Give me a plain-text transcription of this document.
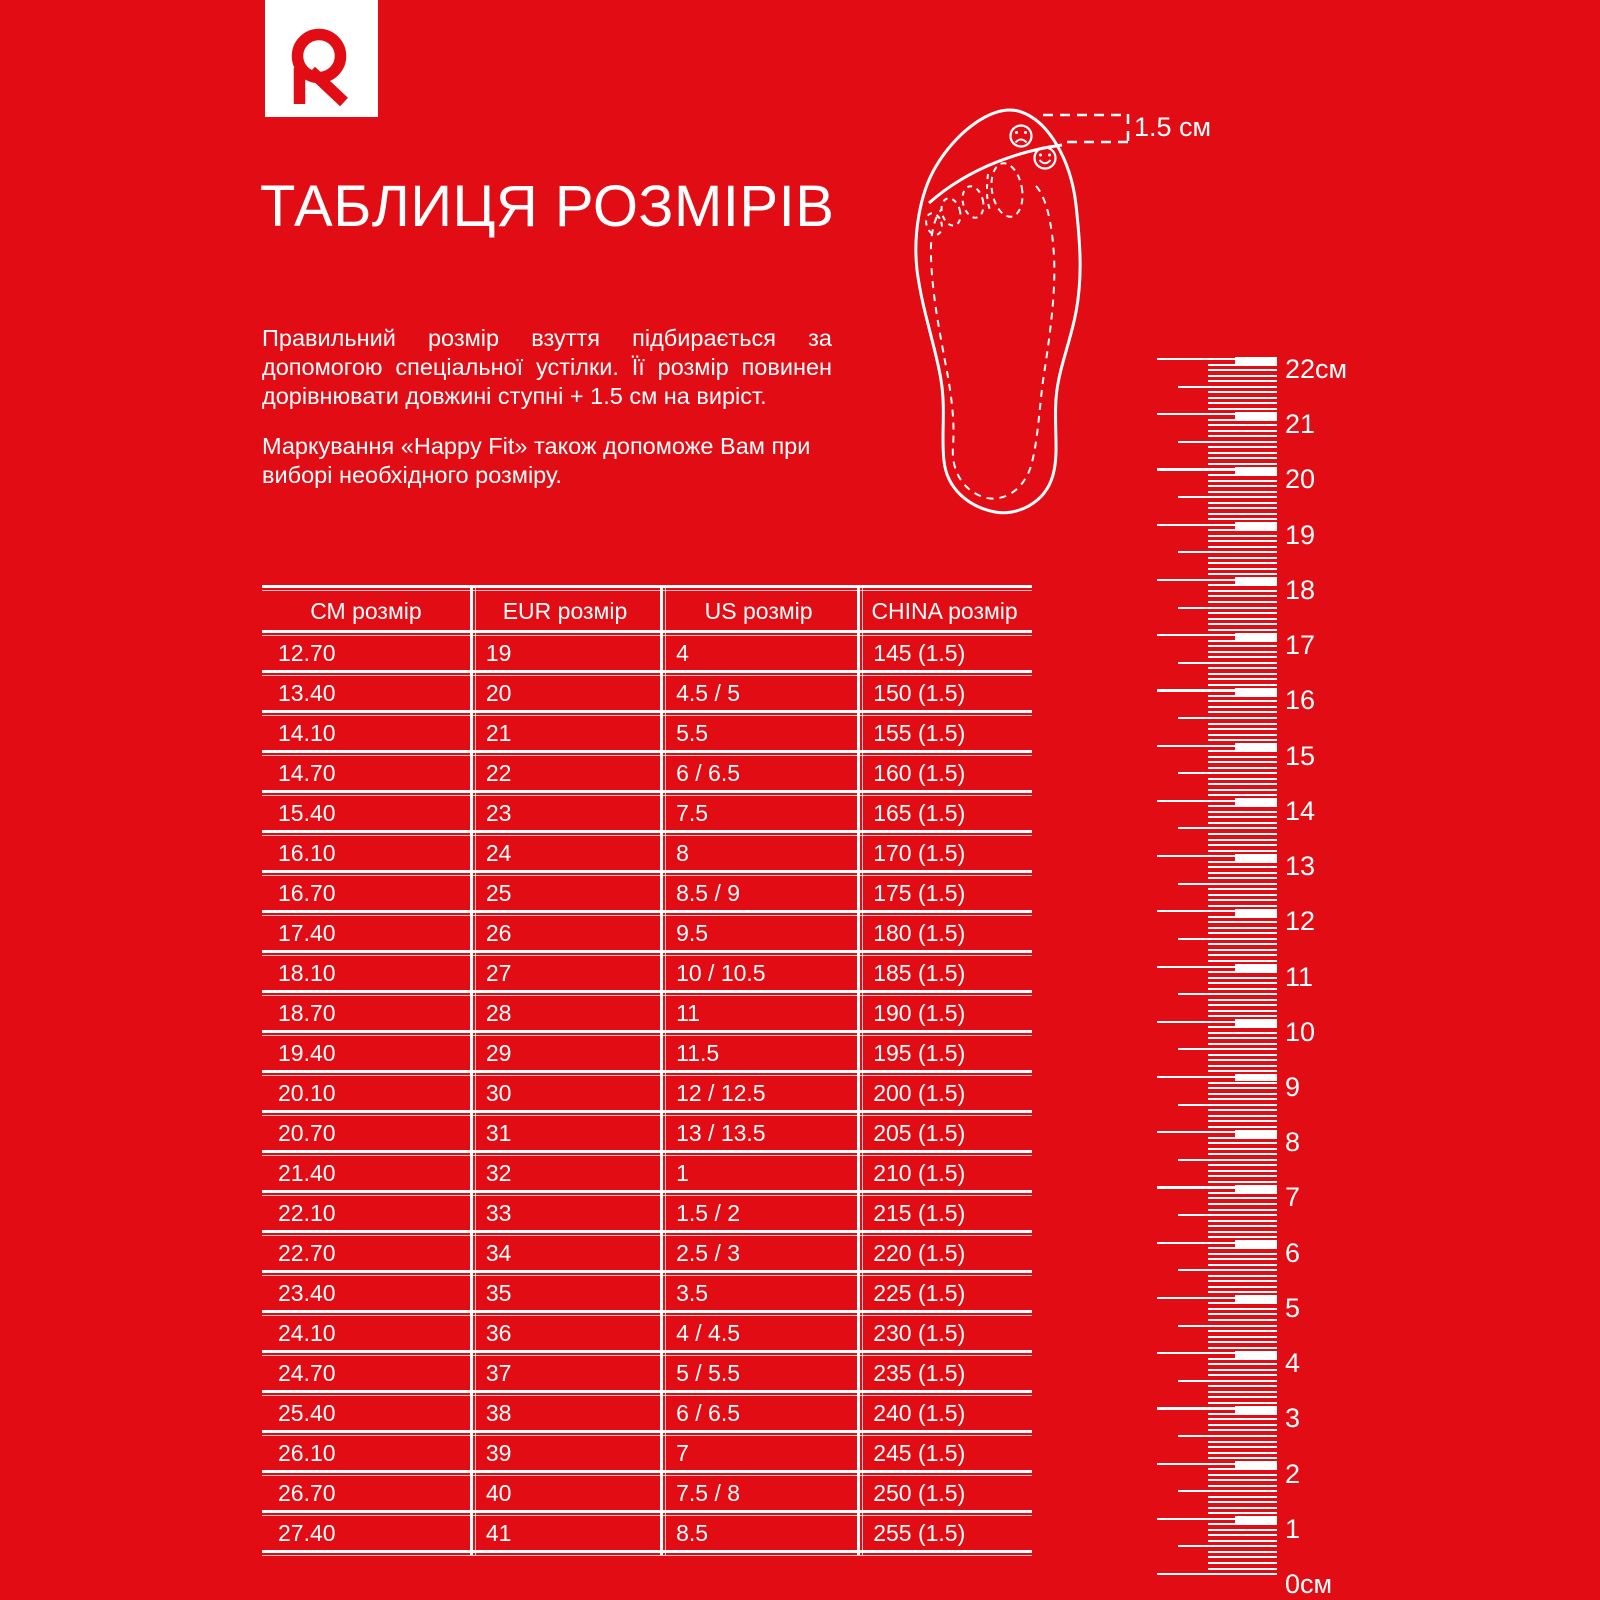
ТАБЛИЦЯ РОЗМІРІВ
Правильний розмір взуття підбирається за
допомогою спеціальної устілки. Її розмір повинен
дорівнювати довжині ступні + 1.5 см на виріст.
Маркування «Happy Fit» також допоможе Вам при
виборі необхідного розміру.
1.5 см
СМ розмір	EUR розмір	US розмір	CHINA розмір
12.70	19	4	145 (1.5)
13.40	20	4.5 / 5	150 (1.5)
14.10	21	5.5	155 (1.5)
14.70	22	6 / 6.5	160 (1.5)
15.40	23	7.5	165 (1.5)
16.10	24	8	170 (1.5)
16.70	25	8.5 / 9	175 (1.5)
17.40	26	9.5	180 (1.5)
18.10	27	10 / 10.5	185 (1.5)
18.70	28	11	190 (1.5)
19.40	29	11.5	195 (1.5)
20.10	30	12 / 12.5	200 (1.5)
20.70	31	13 / 13.5	205 (1.5)
21.40	32	1	210 (1.5)
22.10	33	1.5 / 2	215 (1.5)
22.70	34	2.5 / 3	220 (1.5)
23.40	35	3.5	225 (1.5)
24.10	36	4 / 4.5	230 (1.5)
24.70	37	5 / 5.5	235 (1.5)
25.40	38	6 / 6.5	240 (1.5)
26.10	39	7	245 (1.5)
26.70	40	7.5 / 8	250 (1.5)
27.40	41	8.5	255 (1.5)
22см
21
20
19
18
17
16
15
14
13
12
11
10
9
8
7
6
5
4
3
2
1
0см
